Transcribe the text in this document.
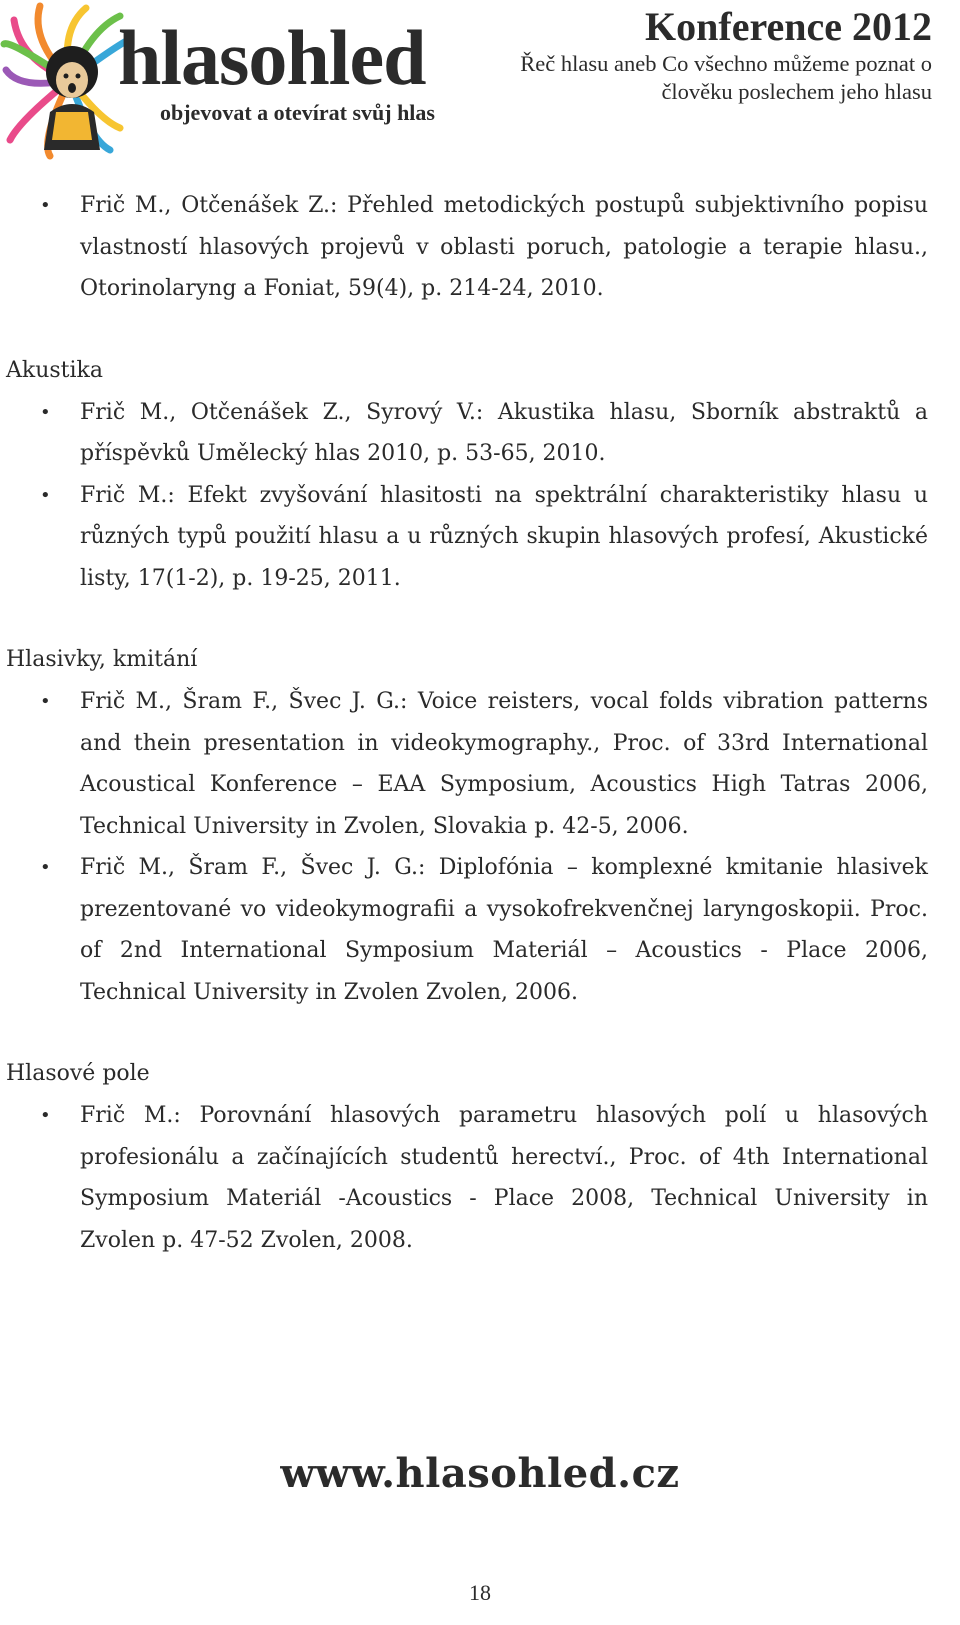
hlasohled
objevovat a otevírat svůj hlas
Konference 2012
Řeč hlasu aneb Co všechno můžeme poznat o člověku poslechem jeho hlasu
• Frič M., Otčenášek Z.: Přehled metodických postupů subjektivního popisu vlastností hlasových projevů v oblasti poruch, patologie a terapie hlasu., Otorinolaryng a Foniat, 59(4), p. 214-24, 2010.
Akustika
• Frič M., Otčenášek Z., Syrový V.: Akustika hlasu, Sborník abstraktů a příspěvků Umělecký hlas 2010, p. 53-65, 2010.
• Frič M.: Efekt zvyšování hlasitosti na spektrální charakteristiky hlasu u různých typů použití hlasu a u různých skupin hlasových profesí, Akustické listy, 17(1-2), p. 19-25, 2011.
Hlasivky, kmitání
• Frič M., Šram F., Švec J. G.: Voice reisters, vocal folds vibration patterns and thein presentation in videokymography., Proc. of 33rd International Acoustical Konference – EAA Symposium, Acoustics High Tatras 2006, Technical University in Zvolen, Slovakia p. 42-5, 2006.
• Frič M., Šram F., Švec J. G.: Diplofónia – komplexné kmitanie hlasivek prezentované vo videokymografii a vysokofrekvenčnej laryngoskopii. Proc. of 2nd International Symposium Materiál – Acoustics - Place 2006, Technical University in Zvolen Zvolen, 2006.
Hlasové pole
• Frič M.: Porovnání hlasových parametru hlasových polí u hlasových profesionálu a začínajících studentů herectví., Proc. of 4th International Symposium Materiál -Acoustics - Place 2008, Technical University in Zvolen p. 47-52 Zvolen, 2008.
www.hlasohled.cz
18
